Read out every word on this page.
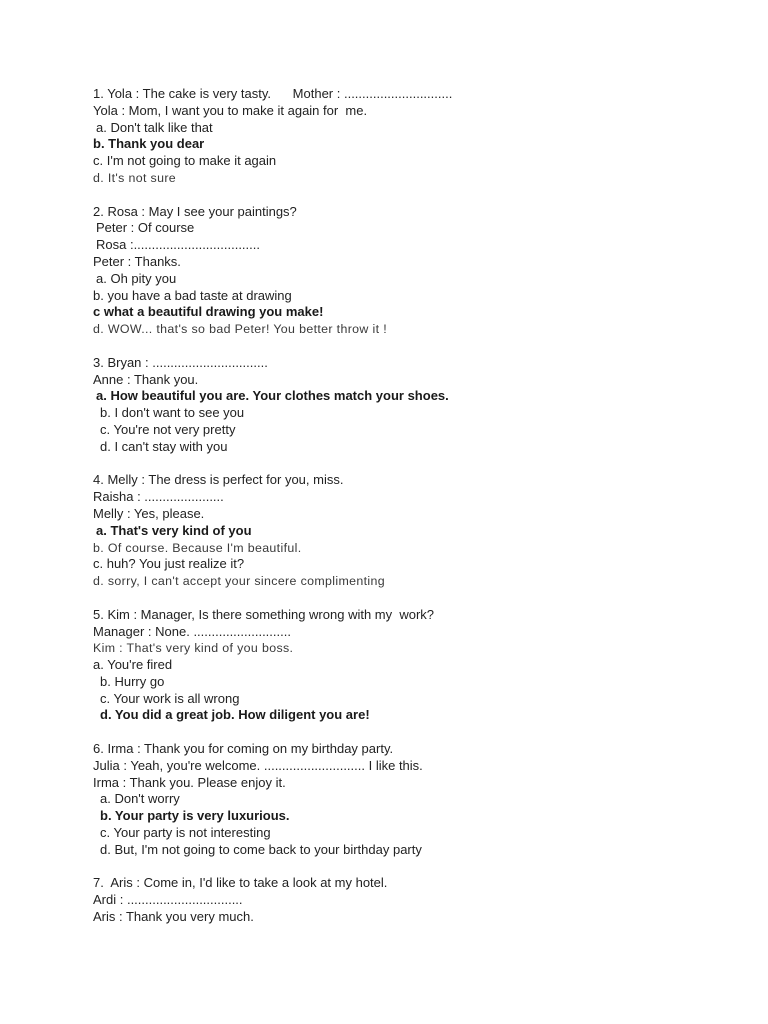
1. Yola : The cake is very tasty.      Mother : ..............................
Yola : Mom, I want you to make it again for  me.
a. Don't talk like that
b. Thank you dear
c. I'm not going to make it again
d. It's not sure
2. Rosa : May I see your paintings?
Peter : Of course
Rosa :...................................
Peter : Thanks.
a. Oh pity you
b. you have a bad taste at drawing
c what a beautiful drawing you make!
d. WOW... that's so bad Peter! You better throw it !
3. Bryan : ................................
Anne : Thank you.
a. How beautiful you are. Your clothes match your shoes.
b. I don't want to see you
c. You're not very pretty
d. I can't stay with you
4. Melly : The dress is perfect for you, miss.
Raisha : ......................
Melly : Yes, please.
a. That's very kind of you
b. Of course. Because I'm beautiful.
c. huh? You just realize it?
d. sorry, I can't accept your sincere complimenting
5. Kim : Manager, Is there something wrong with my  work?
Manager : None. ...........................
Kim : That's very kind of you boss.
a. You're fired
b. Hurry go
c. Your work is all wrong
d. You did a great job. How diligent you are!
6. Irma : Thank you for coming on my birthday party.
Julia : Yeah, you're welcome. ............................ I like this.
Irma : Thank you. Please enjoy it.
a. Don't worry
b. Your party is very luxurious.
c. Your party is not interesting
d. But, I'm not going to come back to your birthday party
7.  Aris : Come in, I'd like to take a look at my hotel.
Ardi : ................................
Aris : Thank you very much.
